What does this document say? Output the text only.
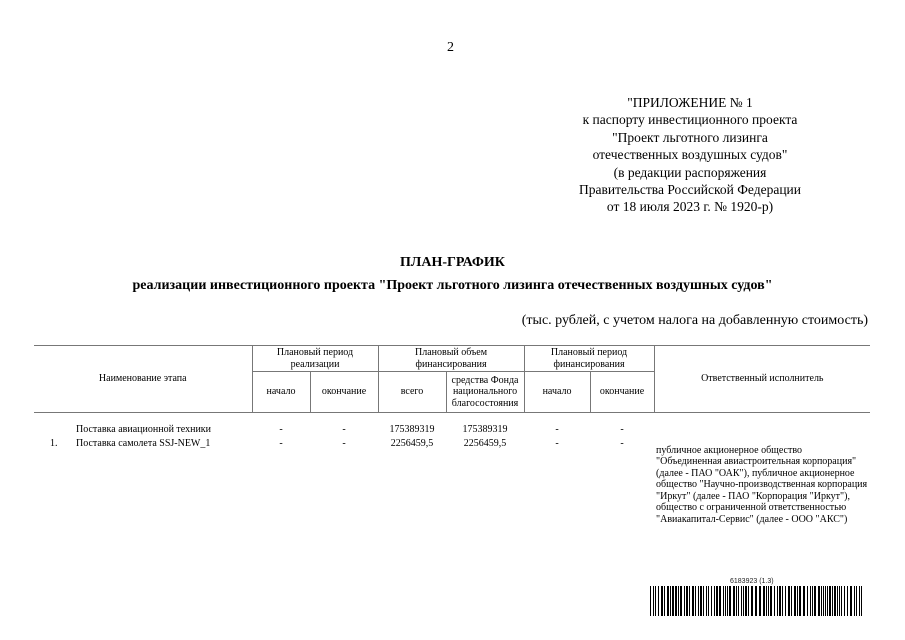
2
"ПРИЛОЖЕНИЕ № 1
к паспорту инвестиционного проекта
"Проект льготного лизинга
отечественных воздушных судов"
(в редакции распоряжения
Правительства Российской Федерации
от 18 июля 2023 г. № 1920-р)
ПЛАН-ГРАФИК
реализации инвестиционного проекта "Проект льготного лизинга отечественных воздушных судов"
(тыс. рублей, с учетом налога на добавленную стоимость)
Наименование этапа	Плановый период реализации		Плановый объем финансирования		Плановый период финансирования		Ответственный исполнитель
	начало	окончание	всего	средства Фонда национального благосостояния	начало	окончание	

Поставка авиационной техники	-	-	175389319	175389319	-	-	
1. Поставка самолета SSJ-NEW_1	-	-	2256459,5	2256459,5	-	-	публичное акционерное общество "Объединенная авиастроительная корпорация" (далее - ПАО "ОАК"), публичное акционерное общество "Научно-производственная корпорация "Иркут" (далее - ПАО "Корпорация "Иркут"), общество с ограниченной ответственностью "Авиакапитал-Сервис" (далее - ООО "АКС")
6183923 (1.3)
